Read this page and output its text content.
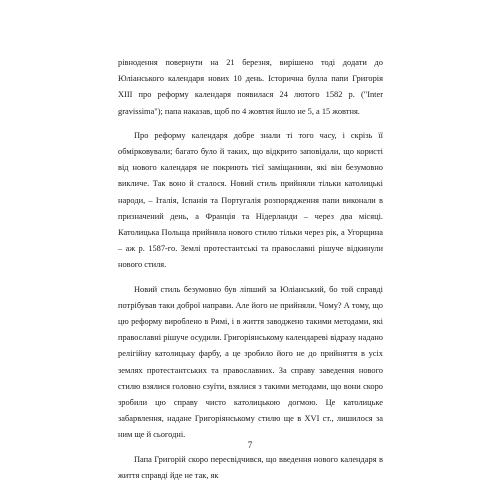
рівнодення повернути на 21 березня, вирішено тоді додати до Юліанського календаря нових 10 день. Історична булла папи Григорія XIII про реформу календаря появилася 24 лютого 1582 р. ("Inter gravissima"); папа наказав, щоб по 4 жовтня йшло не 5, а 15 жовтня.

Про реформу календаря добре знали ті того часу, і скрізь її обмірковували; багато було й таких, що відкрито заповідали, що користі від нового календаря не покриють тієї заміщанини, які він безумовно викличе. Так воно й сталося. Новий стиль прийняли тільки католицькі народи, – Італія, Іспанія та Португалія розпорядження папи виконали в призначений день, а Франція та Нідерланди – через два місяці. Католицька Польща прийняла нового стилю тільки через рік, а Угорщина – аж р. 1587-го. Землі протестантські та православні рішуче відкинули нового стиля.

Новий стиль безумовно був ліпший за Юліанський, бо той справді потрібував таки доброї направи. Але його не прийняли. Чому? А тому, що цю реформу вироблено в Римі, і в життя заводжено такими методами, які православні рішуче осудили. Григоріянському календареві відразу надано релігійну католицьку фарбу, а це зробило його не до прийняття в усіх землях протестантських та православних. За справу заведення нового стилю взялися головно єзуїти, взялися з такими методами, що вони скоро зробили цю справу чисто католицькою догмою. Це католицьке забарвлення, надане Григоріянському стилю ще в XVI ст., лишилося за ним ще й сьогодні.

Папа Григорій скоро пересвідчився, що введення нового календаря в життя справді йде не так, як

7
